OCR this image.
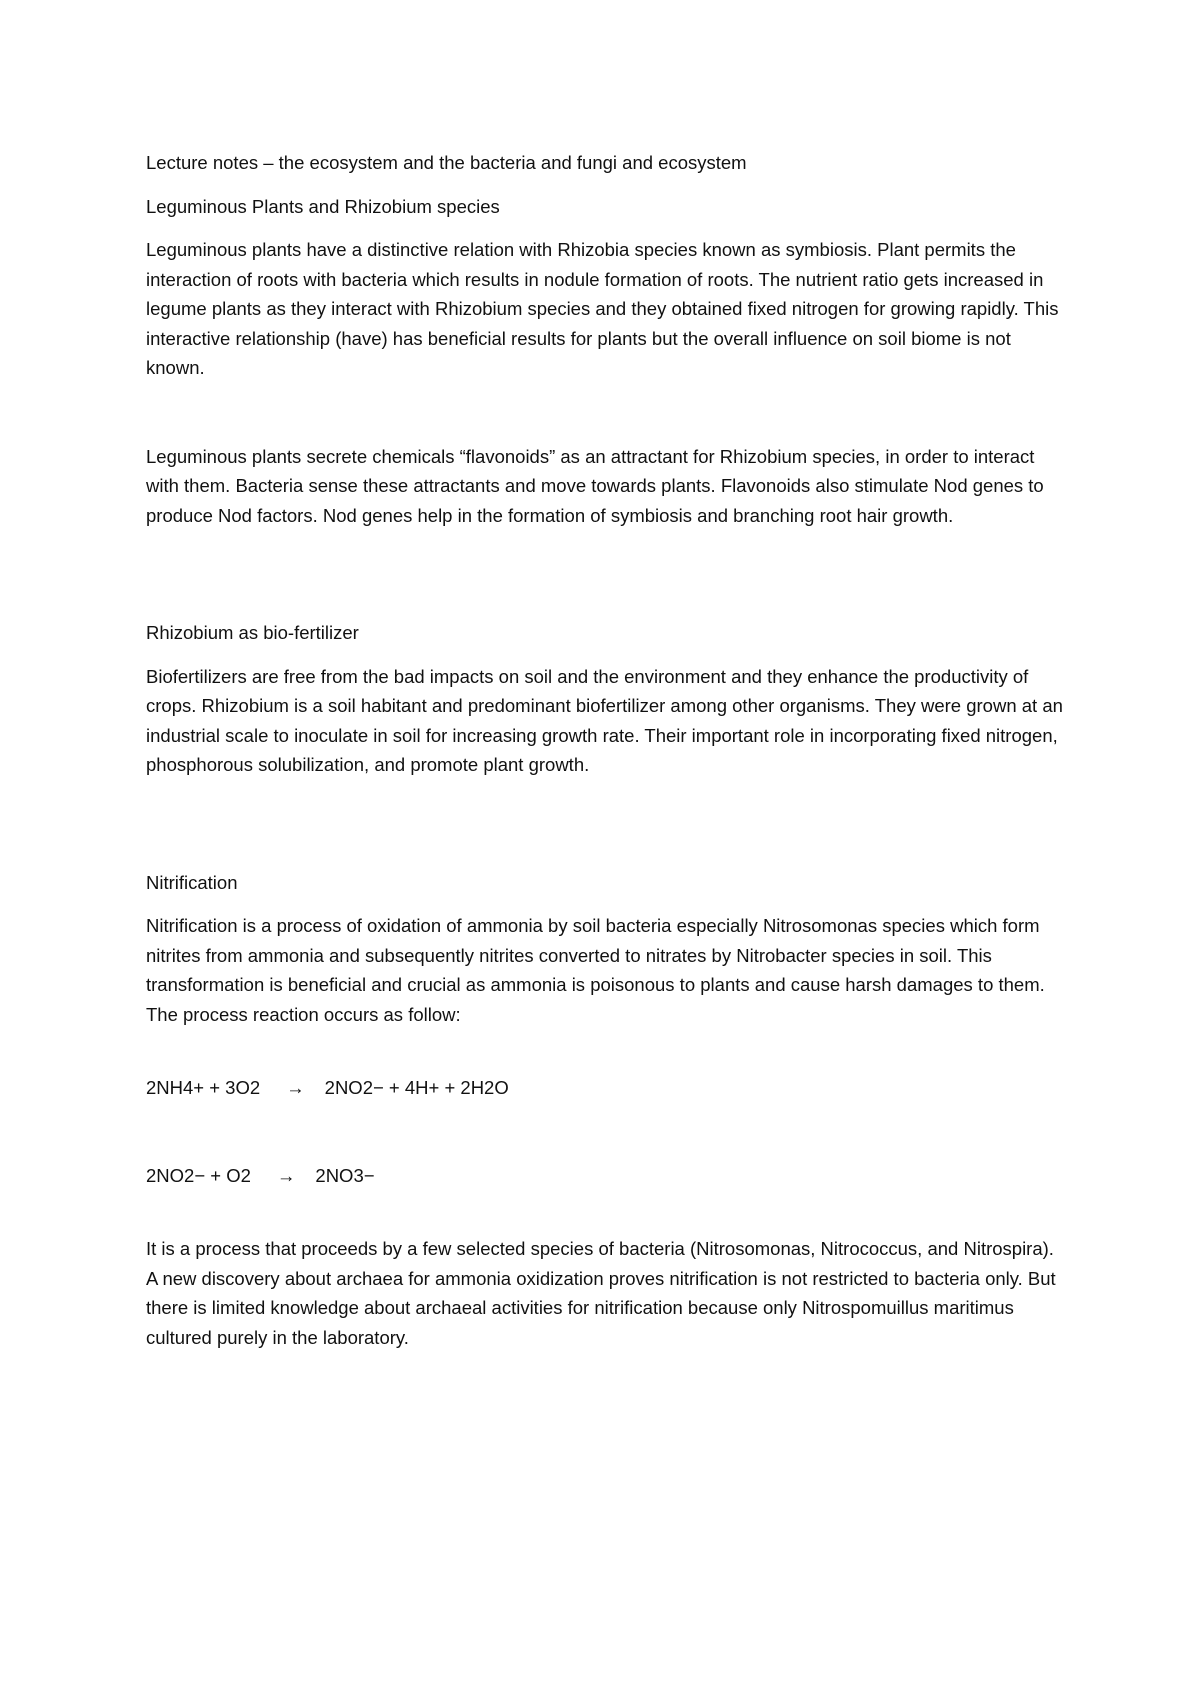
Lecture notes – the ecosystem and the bacteria and fungi and ecosystem

Leguminous Plants and Rhizobium species

Leguminous plants have a distinctive relation with Rhizobia species known as symbiosis. Plant permits the interaction of roots with bacteria which results in nodule formation of roots. The nutrient ratio gets increased in legume plants as they interact with Rhizobium species and they obtained fixed nitrogen for growing rapidly. This interactive relationship (have) has beneficial results for plants but the overall influence on soil biome is not known.

Leguminous plants secrete chemicals “flavonoids” as an attractant for Rhizobium species, in order to interact with them. Bacteria sense these attractants and move towards plants. Flavonoids also stimulate Nod genes to produce Nod factors. Nod genes help in the formation of symbiosis and branching root hair growth.

Rhizobium as bio-fertilizer

Biofertilizers are free from the bad impacts on soil and the environment and they enhance the productivity of crops. Rhizobium is a soil habitant and predominant biofertilizer among other organisms. They were grown at an industrial scale to inoculate in soil for increasing growth rate. Their important role in incorporating fixed nitrogen, phosphorous solubilization, and promote plant growth.

Nitrification

Nitrification is a process of oxidation of ammonia by soil bacteria especially Nitrosomonas species which form nitrites from ammonia and subsequently nitrites converted to nitrates by Nitrobacter species in soil. This transformation is beneficial and crucial as ammonia is poisonous to plants and cause harsh damages to them. The process reaction occurs as follow:

2NH4+ + 3O2 → 2NO2− + 4H+ + 2H2O

2NO2− + O2 → 2NO3−

It is a process that proceeds by a few selected species of bacteria (Nitrosomonas, Nitrococcus, and Nitrospira). A new discovery about archaea for ammonia oxidization proves nitrification is not restricted to bacteria only. But there is limited knowledge about archaeal activities for nitrification because only Nitrospomuillus maritimus cultured purely in the laboratory.
